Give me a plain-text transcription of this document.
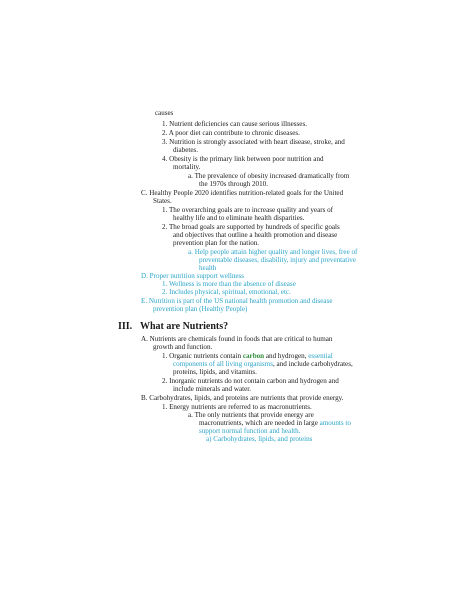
causes
1. Nutrient deficiencies can cause serious illnesses.
2. A poor diet can contribute to chronic diseases.
3. Nutrition is strongly associated with heart disease, stroke, and
diabetes.
4. Obesity is the primary link between poor nutrition and
mortality.
a. The prevalence of obesity increased dramatically from
the 1970s through 2010.
C. Healthy People 2020 identifies nutrition-related goals for the United
States.
1. The overarching goals are to increase quality and years of
healthy life and to eliminate health disparities.
2. The broad goals are supported by hundreds of specific goals
and objectives that outline a health promotion and disease
prevention plan for the nation.
a. Help people attain higher quality and longer lives, free of
preventable diseases, disability, injury and preventative
health
D. Proper nutrition support wellness
1. Wellness is more than the absence of disease
2. Includes physical, spiritual, emotional, etc.
E. Nutrition is part of the US national health promotion and disease
prevention plan (Healthy People)
III. What are Nutrients?
A. Nutrients are chemicals found in foods that are critical to human
growth and function.
1. Organic nutrients contain carbon and hydrogen, essential
components of all living organisms, and include carbohydrates,
proteins, lipids, and vitamins.
2. Inorganic nutrients do not contain carbon and hydrogen and
include minerals and water.
B. Carbohydrates, lipids, and proteins are nutrients that provide energy.
1. Energy nutrients are referred to as macronutrients.
a. The only nutrients that provide energy are
macronutrients, which are needed in large amounts to
support normal function and health.
a) Carbohydrates, lipids, and proteins
